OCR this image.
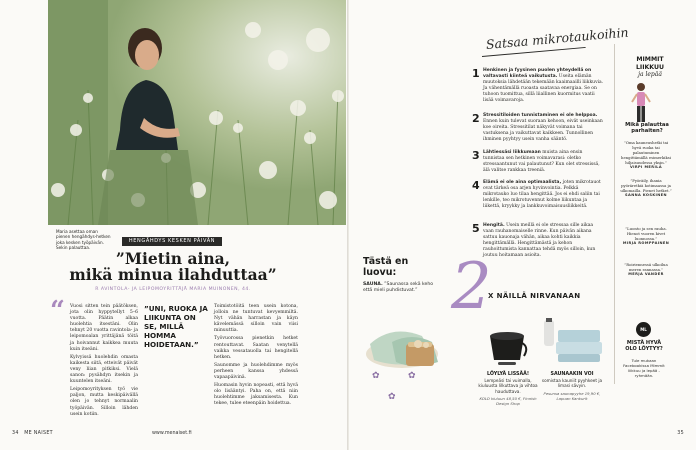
Maria asettaa oman pienen hengähdys-hetken joka kesken työpäivän. Sekin palauttaa.
HENGÄHDYS KESKEN PÄIVÄN
”Mietin aina,
mikä minua ilahduttaa”
R AVINTOLA- JA LEIPOMOYRITTÄJÄ MARIA MUINONEN, 44.
“ Vuosi sitten tein päätöksen, jota olin hyppytellyt 5–6 vuotta. Päätin alkaa huolehtia itsestäni. Olin tehnyt 20 vuotta ravintola- ja leipomoalan yrittäjänä töitä ja hoivannut kaikkea muuta kuin itseäni.

Kylvyissä huolehdin omasta kaikesta siitä, etteivät päivät veny liian pitkiksi. Vielä sanon: pysähdyn itsekin ja kuuntelen itseäni.

Leipomoyrityksen työ vie paljon, mutta keskipäivällä olen jo tehnyt normaalin työpäivän. Silloin lähden usein kotiin.

”UNI, RUOKA JA LIIKUNTA ON SE, MILLÄ HOMMA HOIDETAAN.”

Toimistotöitä teen usein kotona, jolloin ne tuntuvat kevyemmiltä. Nyt vähän harrastan ja käyn kävelemässä silloin vain viisi minuuttia.

Työvuorossa pienetkin hetket rentouttavat. Saatan venytellä vaikka vessatauolla tai hengitellä hetken.

Saunomme ja huolehdimme myös perheen kanssa yhdessä vapaapäivinä.

Huomasin hyvin nopeasti, että hyvä olo lisääntyi. Paha on, että niin huolehtimme jaksamisesta. Kun tekee, tulee eteenpäin hoidettua.

34 ME NAISET	www.menaiset.fi
Satsaa mikrotaukoihin
1 Henkinen ja fyysinen puolen yhteydellä on valtavasti kiinteä vaikutusta. Useita elämän muutoksia lähdetään tekemään kaaimaailli liikkuvia. Ja vähentämällä ruoasta saatavaa energiaa. Se on tuhoon tuomittua, sillä liiallinen kuormitus vaatii lisää voimavaroja.
2 Stressitiloiden tunnistaminen ei ole helppoa. Ennen kuin tulevat suoraan kehoon, eivät useinkaan koe oireita. Stressitilat näkyvät voimana tai vastuksena ja vaikuttavat kaikkeen. Tunnollinen ihminen pyyhtyy usein vanha sääntö.
3 Lähtiessäsi liikkumaan muista aina ensin tunnistaa sen hetkinen voimavarasi: oletko stressaantunut vai palautunut? Kun olet stressissä, älä valitse rankkaa treeniä.
4 Elämä ei ole aina optimaalista, joten mikrotauot ovat tärkeä osa arjen hyvinvointia. Pelkkä mikrotauko luo tilaa hengittää. Jos ei ehdi saliin tai lenkille, teo mikrotuvennut kolme liikuntaa ja liikettä, kryykky ja lankkuvoimaisuusliikkeitä.
5 Hengitä. Usein meillä ei ole stressaa sille aikaa vaan rauhanomaiselle rinne. Kun päivän aikana sattuu kauonaja vähän, aikaa kohti kaikkia hengittämällä. Hengittämästä ja kehon rauhoittumista kannattaa tehdä myös silloin, kun joutuu hoitamaan asioita.
MIMMIT LIIKKUU
ja lepää
Mikä palauttaa parhaiten?
”Oma kauneushetki tai hyvä ruoka tai palautuminen hengittämällä esimerkiksi hiljaisuudessa yksin.”
VIRPI MERILÄ
”Pyöräily, ihania pyöräretkiä kotimaassa ja ulkomailla. Pienet hetket.”
SANNA KOSKINEN
”Luonto ja sen rauha. Hienot vuoren kivet luonnossa.”
MIRJA ROMPPAINEN
”Roiriennessä ulkoilua meren rannassa.”
MERJA VANDER
ML
MISTÄ HYVÄ OLO LÖYTYY?
Tule mukaan Facebookissa Mimmit liikkuu ja lepää -ryhmään.
Tästä en luovu:
SAUNA. ”Saunassa sekä keho että mieli puhdistuvat.” 2
X NÄILLÄ NIRVANAAN
✿	✿
✿
LÖYLYÄ LISSÄÄ!
Lempeäsi tai vuimalla, kiuluusta lilkuttava ja vihtoa hauduttava.
KOLO kiuluun 48,50 €, Finnish Design Shop
SAUNAAKIN VOI
somistaa kauniit pyyhkeet ja limasi sävyin.
Pesunsa saunapyyhe 19,90 €, Lapuan Kankurit
35
